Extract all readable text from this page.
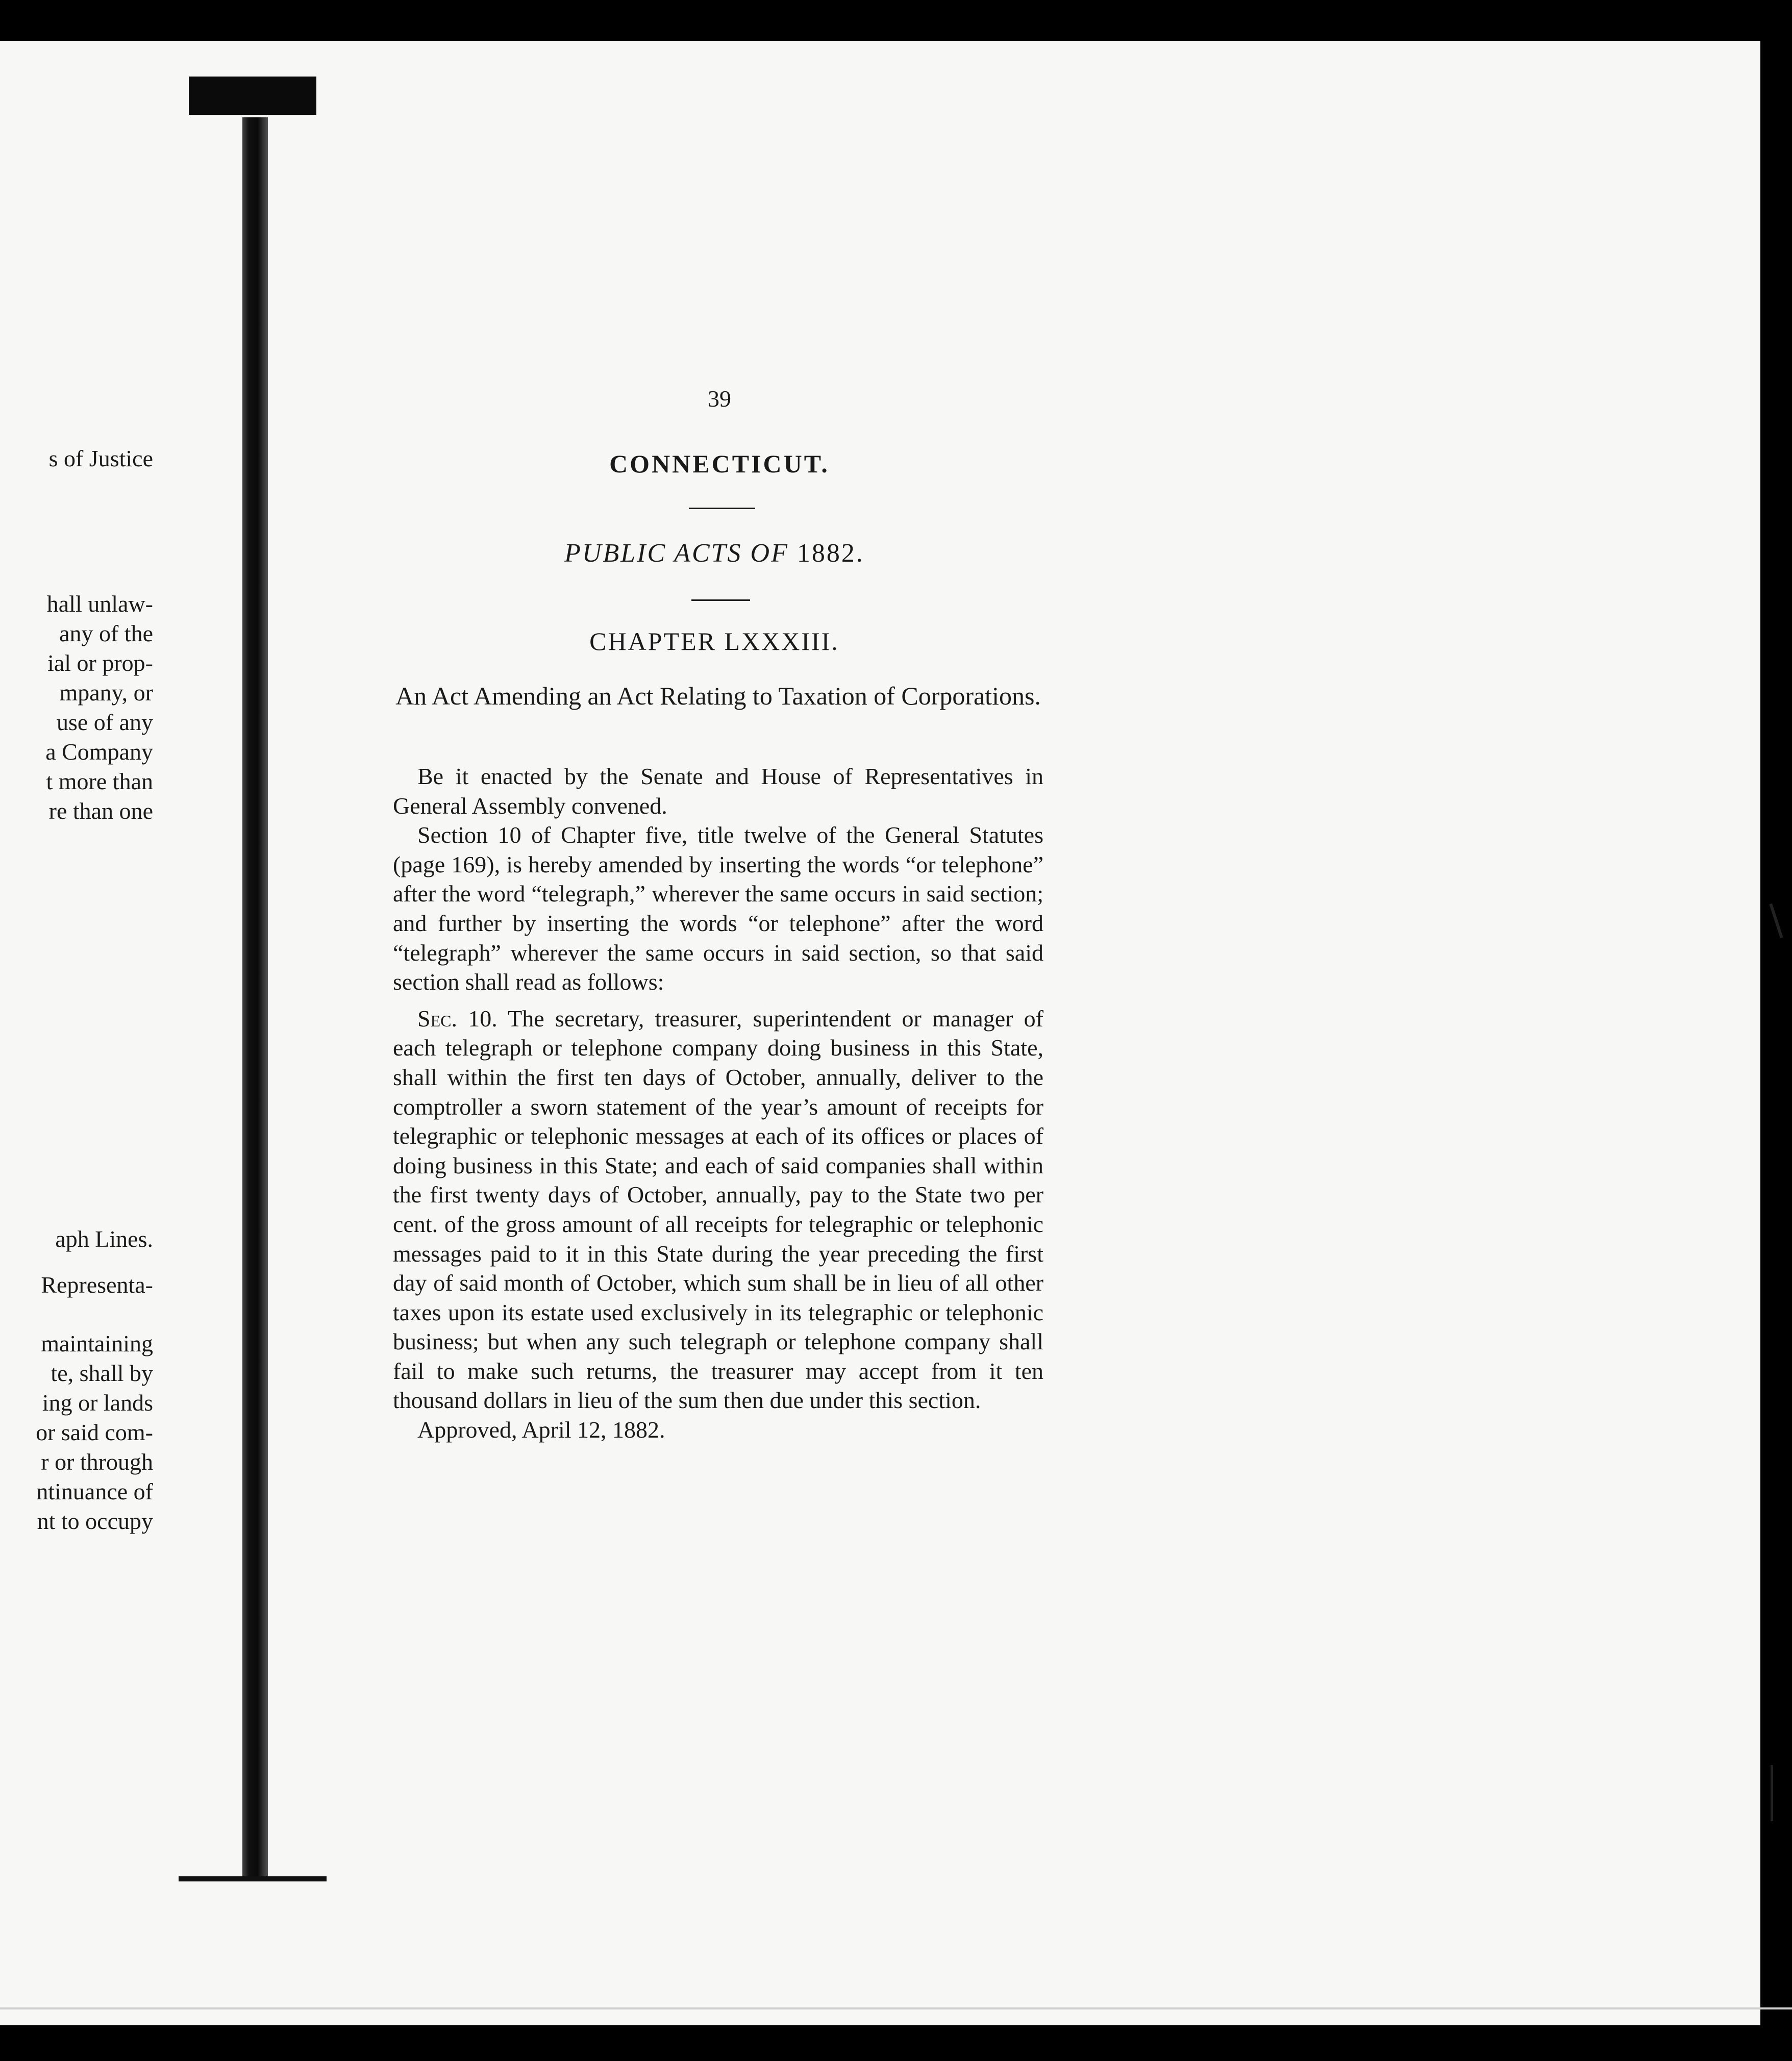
s of Justice
hall unlaw-
any of the
ial or prop-
mpany, or
use of any
a Company
t more than
re than one
aph Lines.
Representa-
maintaining
te, shall by
ing or lands
or said com-
r or through
ntinuance of
nt to occupy
39
CONNECTICUT.
PUBLIC ACTS OF 1882.
CHAPTER LXXXIII.
An Act Amending an Act Relating to Taxation of Corporations.

Be it enacted by the Senate and House of Representatives in General Assembly convened.

Section 10 of Chapter five, title twelve of the General Statutes (page 169), is hereby amended by inserting the words “or telephone” after the word “telegraph,” wherever the same occurs in said section; and further by inserting the words “or telephone” after the word “telegraph” wherever the same occurs in said section, so that said section shall read as follows:

Sec. 10. The secretary, treasurer, superintendent or manager of each telegraph or telephone company doing business in this State, shall within the first ten days of October, annually, deliver to the comptroller a sworn statement of the year’s amount of receipts for telegraphic or telephonic messages at each of its offices or places of doing business in this State; and each of said companies shall within the first twenty days of October, annually, pay to the State two per cent. of the gross amount of all receipts for telegraphic or telephonic messages paid to it in this State during the year preceding the first day of said month of October, which sum shall be in lieu of all other taxes upon its estate used exclusively in its telegraphic or telephonic business; but when any such telegraph or telephone company shall fail to make such returns, the treasurer may accept from it ten thousand dollars in lieu of the sum then due under this section.

Approved, April 12, 1882.
